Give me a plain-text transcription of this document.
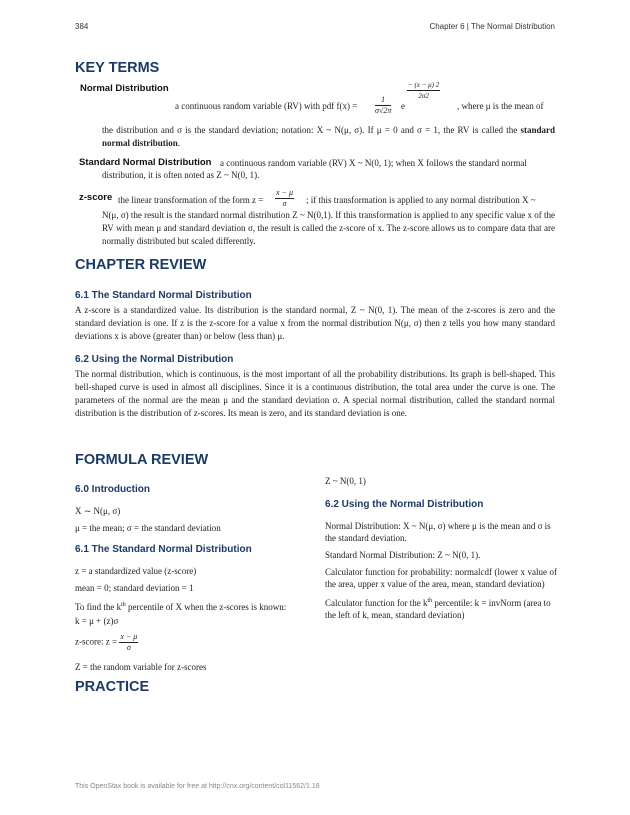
384	Chapter 6 | The Normal Distribution
KEY TERMS
Normal Distribution
a continuous random variable (RV) with pdf $f(x) = \frac{1}{\sigma√2\pi}$ e
$\frac{- (x - \mu) 2}{2\sigma 2}$
, where μ is the mean of
the distribution and σ is the standard deviation; notation: X ~ N(μ, σ). If μ = 0 and σ = 1, the RV is called the standard normal distribution.
Standard Normal Distribution a continuous random variable (RV) X ~ N(0, 1); when X follows the standard normal
distribution, it is often noted as Z ~ N(0, 1).
z-score the linear transformation of the form $z = \frac{x - \mu}{\sigma}$ ; if this transformation is applied to any normal distribution X ~
N(μ, σ) the result is the standard normal distribution Z ~ N(0,1). If this transformation is applied to any specific value x of the RV with mean μ and standard deviation σ, the result is called the z-score of x. The z-score allows us to compare data that are normally distributed but scaled differently.
CHAPTER REVIEW
6.1 The Standard Normal Distribution
A z-score is a standardized value. Its distribution is the standard normal, Z ~ N(0, 1). The mean of the z-scores is zero and the standard deviation is one. If z is the z-score for a value x from the normal distribution N(μ, σ) then z tells you how many standard deviations x is above (greater than) or below (less than) μ.
6.2 Using the Normal Distribution
The normal distribution, which is continuous, is the most important of all the probability distributions. Its graph is bell-shaped. This bell-shaped curve is used in almost all disciplines. Since it is a continuous distribution, the total area under the curve is one. The parameters of the normal are the mean μ and the standard deviation σ. A special normal distribution, called the standard normal distribution is the distribution of z-scores. Its mean is zero, and its standard deviation is one.
FORMULA REVIEW
6.0 Introduction

X ∼ N(μ, σ)

μ = the mean; σ = the standard deviation

6.1 The Standard Normal Distribution

z = a standardized value (z-score)

mean = 0; standard deviation = 1

To find the $k^{th}$ percentile of X when the z-scores is known:

k = μ + (z)σ

z-score: $z = \frac{x - \mu}{\sigma}$

Z = the random variable for z-scores

Z ~ N(0, 1)

6.2 Using the Normal Distribution

Normal Distribution: X ~ N(μ, σ) where μ is the mean and σ is the standard deviation.

Standard Normal Distribution: Z ~ N(0, 1).

Calculator function for probability: normalcdf (lower x value of the area, upper x value of the area, mean, standard deviation)

Calculator function for the $k^{th}$ percentile: k = invNorm (area to the left of k, mean, standard deviation)

PRACTICE
This OpenStax book is available for free at http://cnx.org/content/col11562/1.18
